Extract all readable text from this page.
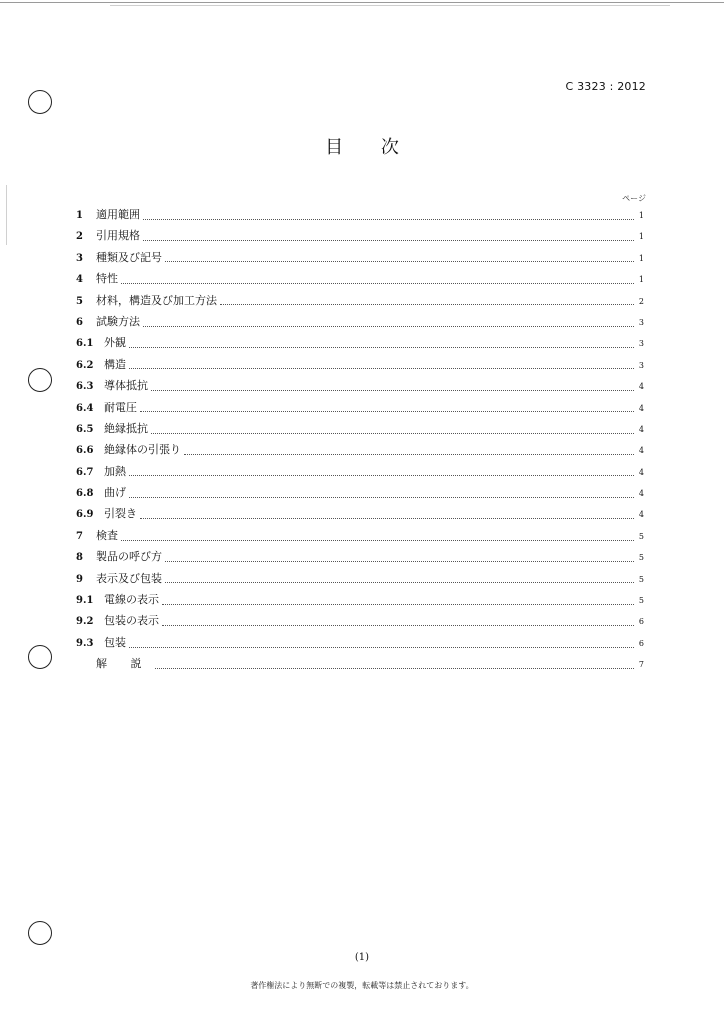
C 3323 : 2012
目 次
ページ
1	適用範囲	1
2	引用規格	1
3	種類及び記号	1
4	特性	1
5	材料，構造及び加工方法	2
6	試験方法	3
6.1 外観	3
6.2 構造	3
6.3 導体抵抗	4
6.4 耐電圧	4
6.5 絶縁抵抗	4
6.6 絶縁体の引張り	4
6.7 加熱	4
6.8 曲げ	4
6.9 引裂き	4
7	検査	5
8	製品の呼び方	5
9	表示及び包装	5
9.1 電線の表示	5
9.2 包装の表示	6
9.3 包装	6
解 説	7
(1)
著作権法により無断での複製，転載等は禁止されております。
